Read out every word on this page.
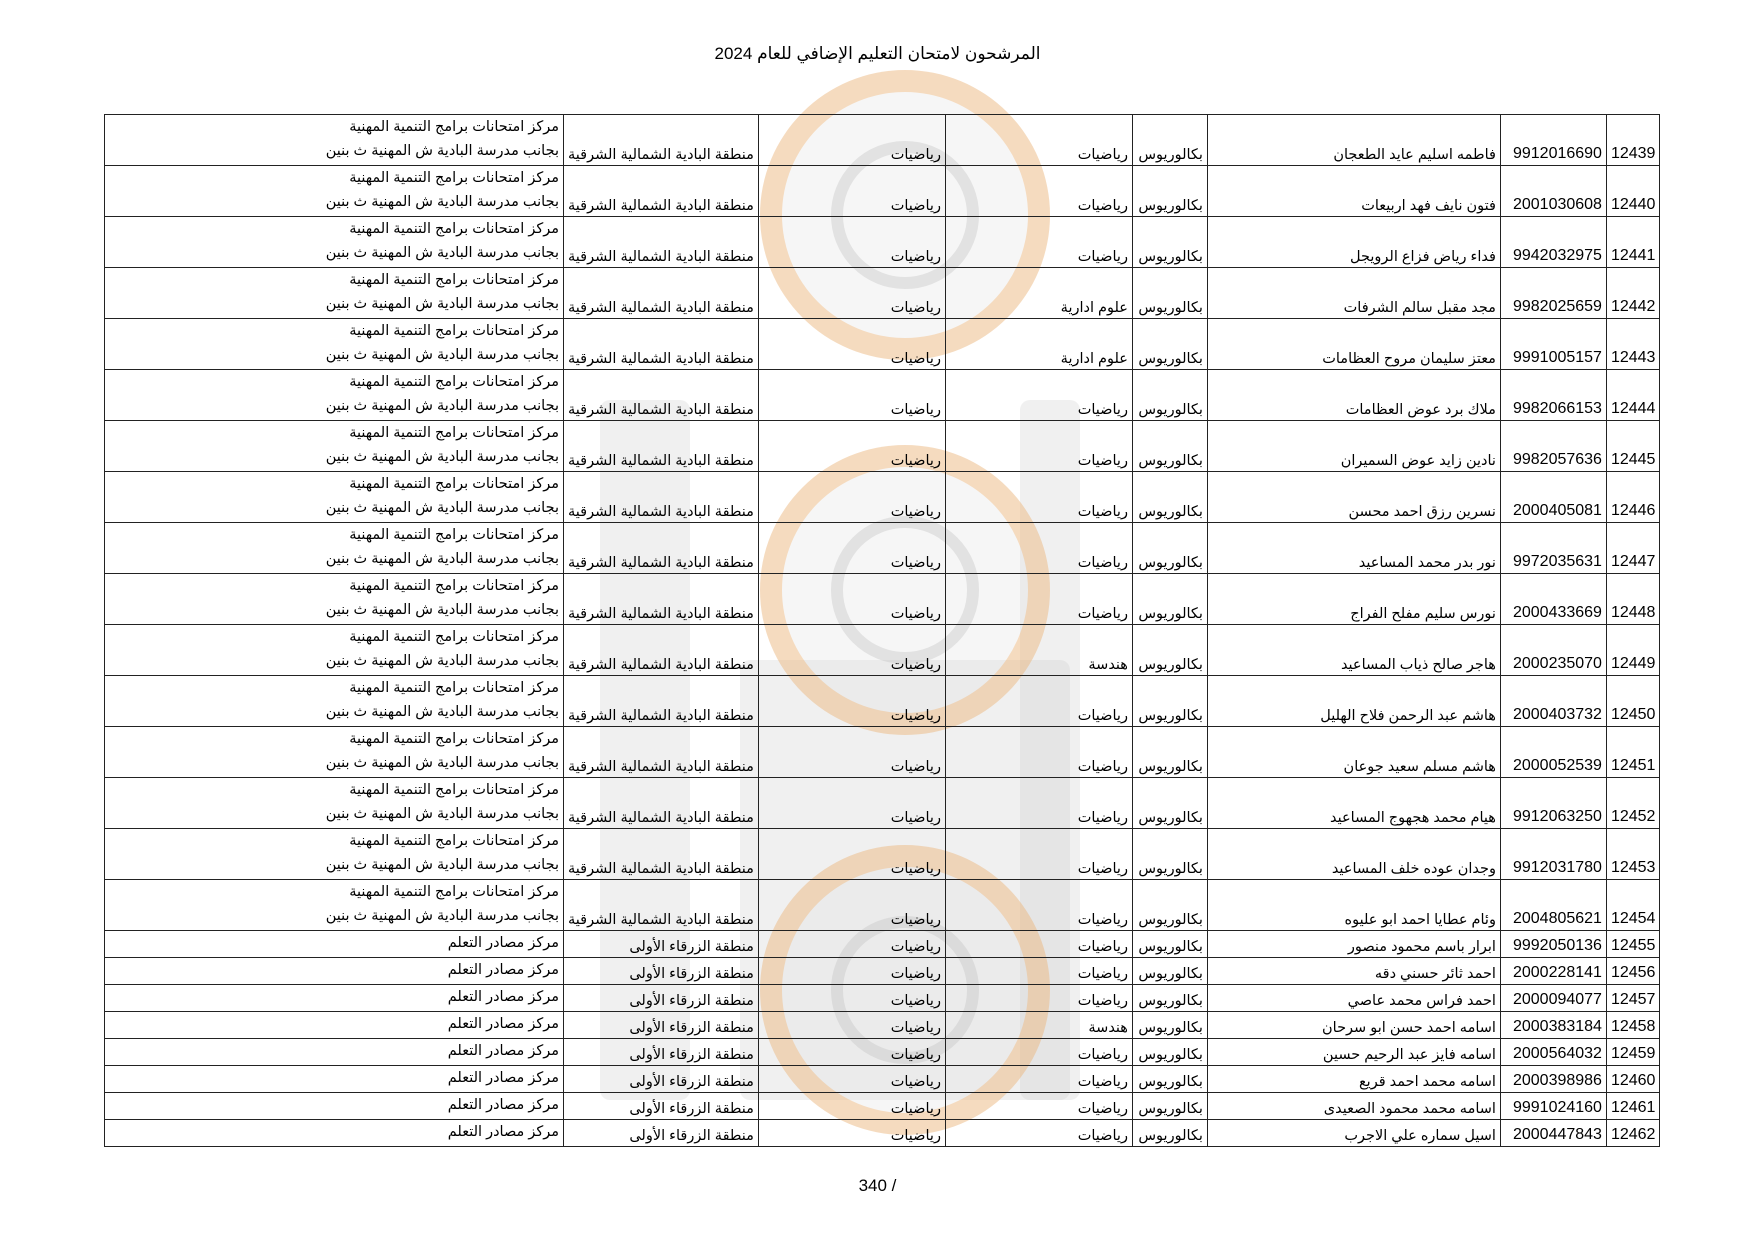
المرشحون لامتحان التعليم الإضافي للعام 2024
12439	9912016690	فاطمه اسليم عايد الطعجان	بكالوريوس	رياضيات	رياضيات	منطقة البادية الشمالية الشرقية	مركز امتحانات برامج التنمية المهنية
بجانب مدرسة البادية ش المهنية ث بنين

12440	2001030608	فتون نايف فهد اربيعات	بكالوريوس	رياضيات	رياضيات	منطقة البادية الشمالية الشرقية	مركز امتحانات برامج التنمية المهنية
بجانب مدرسة البادية ش المهنية ث بنين

12441	9942032975	فداء رياض فزاع الرويجل	بكالوريوس	رياضيات	رياضيات	منطقة البادية الشمالية الشرقية	مركز امتحانات برامج التنمية المهنية
بجانب مدرسة البادية ش المهنية ث بنين

12442	9982025659	مجد مقبل سالم الشرفات	بكالوريوس	علوم ادارية	رياضيات	منطقة البادية الشمالية الشرقية	مركز امتحانات برامج التنمية المهنية
بجانب مدرسة البادية ش المهنية ث بنين

12443	9991005157	معتز سليمان مروح العظامات	بكالوريوس	علوم ادارية	رياضيات	منطقة البادية الشمالية الشرقية	مركز امتحانات برامج التنمية المهنية
بجانب مدرسة البادية ش المهنية ث بنين

12444	9982066153	ملاك برد عوض العظامات	بكالوريوس	رياضيات	رياضيات	منطقة البادية الشمالية الشرقية	مركز امتحانات برامج التنمية المهنية
بجانب مدرسة البادية ش المهنية ث بنين

12445	9982057636	نادين زايد عوض السميران	بكالوريوس	رياضيات	رياضيات	منطقة البادية الشمالية الشرقية	مركز امتحانات برامج التنمية المهنية
بجانب مدرسة البادية ش المهنية ث بنين

12446	2000405081	نسرين رزق احمد محسن	بكالوريوس	رياضيات	رياضيات	منطقة البادية الشمالية الشرقية	مركز امتحانات برامج التنمية المهنية
بجانب مدرسة البادية ش المهنية ث بنين

12447	9972035631	نور بدر محمد المساعيد	بكالوريوس	رياضيات	رياضيات	منطقة البادية الشمالية الشرقية	مركز امتحانات برامج التنمية المهنية
بجانب مدرسة البادية ش المهنية ث بنين

12448	2000433669	نورس سليم مفلح الفراج	بكالوريوس	رياضيات	رياضيات	منطقة البادية الشمالية الشرقية	مركز امتحانات برامج التنمية المهنية
بجانب مدرسة البادية ش المهنية ث بنين

12449	2000235070	هاجر صالح ذياب المساعيد	بكالوريوس	هندسة	رياضيات	منطقة البادية الشمالية الشرقية	مركز امتحانات برامج التنمية المهنية
بجانب مدرسة البادية ش المهنية ث بنين

12450	2000403732	هاشم عبد الرحمن فلاح الهليل	بكالوريوس	رياضيات	رياضيات	منطقة البادية الشمالية الشرقية	مركز امتحانات برامج التنمية المهنية
بجانب مدرسة البادية ش المهنية ث بنين

12451	2000052539	هاشم مسلم سعيد جوعان	بكالوريوس	رياضيات	رياضيات	منطقة البادية الشمالية الشرقية	مركز امتحانات برامج التنمية المهنية
بجانب مدرسة البادية ش المهنية ث بنين

12452	9912063250	هيام محمد هجهوج المساعيد	بكالوريوس	رياضيات	رياضيات	منطقة البادية الشمالية الشرقية	مركز امتحانات برامج التنمية المهنية
بجانب مدرسة البادية ش المهنية ث بنين

12453	9912031780	وجدان عوده خلف المساعيد	بكالوريوس	رياضيات	رياضيات	منطقة البادية الشمالية الشرقية	مركز امتحانات برامج التنمية المهنية
بجانب مدرسة البادية ش المهنية ث بنين

12454	2004805621	وئام عطايا احمد ابو عليوه	بكالوريوس	رياضيات	رياضيات	منطقة البادية الشمالية الشرقية	مركز امتحانات برامج التنمية المهنية
بجانب مدرسة البادية ش المهنية ث بنين

12455	9992050136	ابرار باسم محمود منصور	بكالوريوس	رياضيات	رياضيات	منطقة الزرقاء الأولى	مركز مصادر التعلم

12456	2000228141	احمد ثائر حسني دقه	بكالوريوس	رياضيات	رياضيات	منطقة الزرقاء الأولى	مركز مصادر التعلم

12457	2000094077	احمد فراس محمد عاصي	بكالوريوس	رياضيات	رياضيات	منطقة الزرقاء الأولى	مركز مصادر التعلم

12458	2000383184	اسامه احمد حسن ابو سرحان	بكالوريوس	هندسة	رياضيات	منطقة الزرقاء الأولى	مركز مصادر التعلم

12459	2000564032	اسامه فايز عبد الرحيم حسين	بكالوريوس	رياضيات	رياضيات	منطقة الزرقاء الأولى	مركز مصادر التعلم

12460	2000398986	اسامه محمد احمد قريع	بكالوريوس	رياضيات	رياضيات	منطقة الزرقاء الأولى	مركز مصادر التعلم

12461	9991024160	اسامه محمد محمود الصعيدى	بكالوريوس	رياضيات	رياضيات	منطقة الزرقاء الأولى	مركز مصادر التعلم

12462	2000447843	اسيل سماره علي الاجرب	بكالوريوس	رياضيات	رياضيات	منطقة الزرقاء الأولى	مركز مصادر التعلم
340 /
